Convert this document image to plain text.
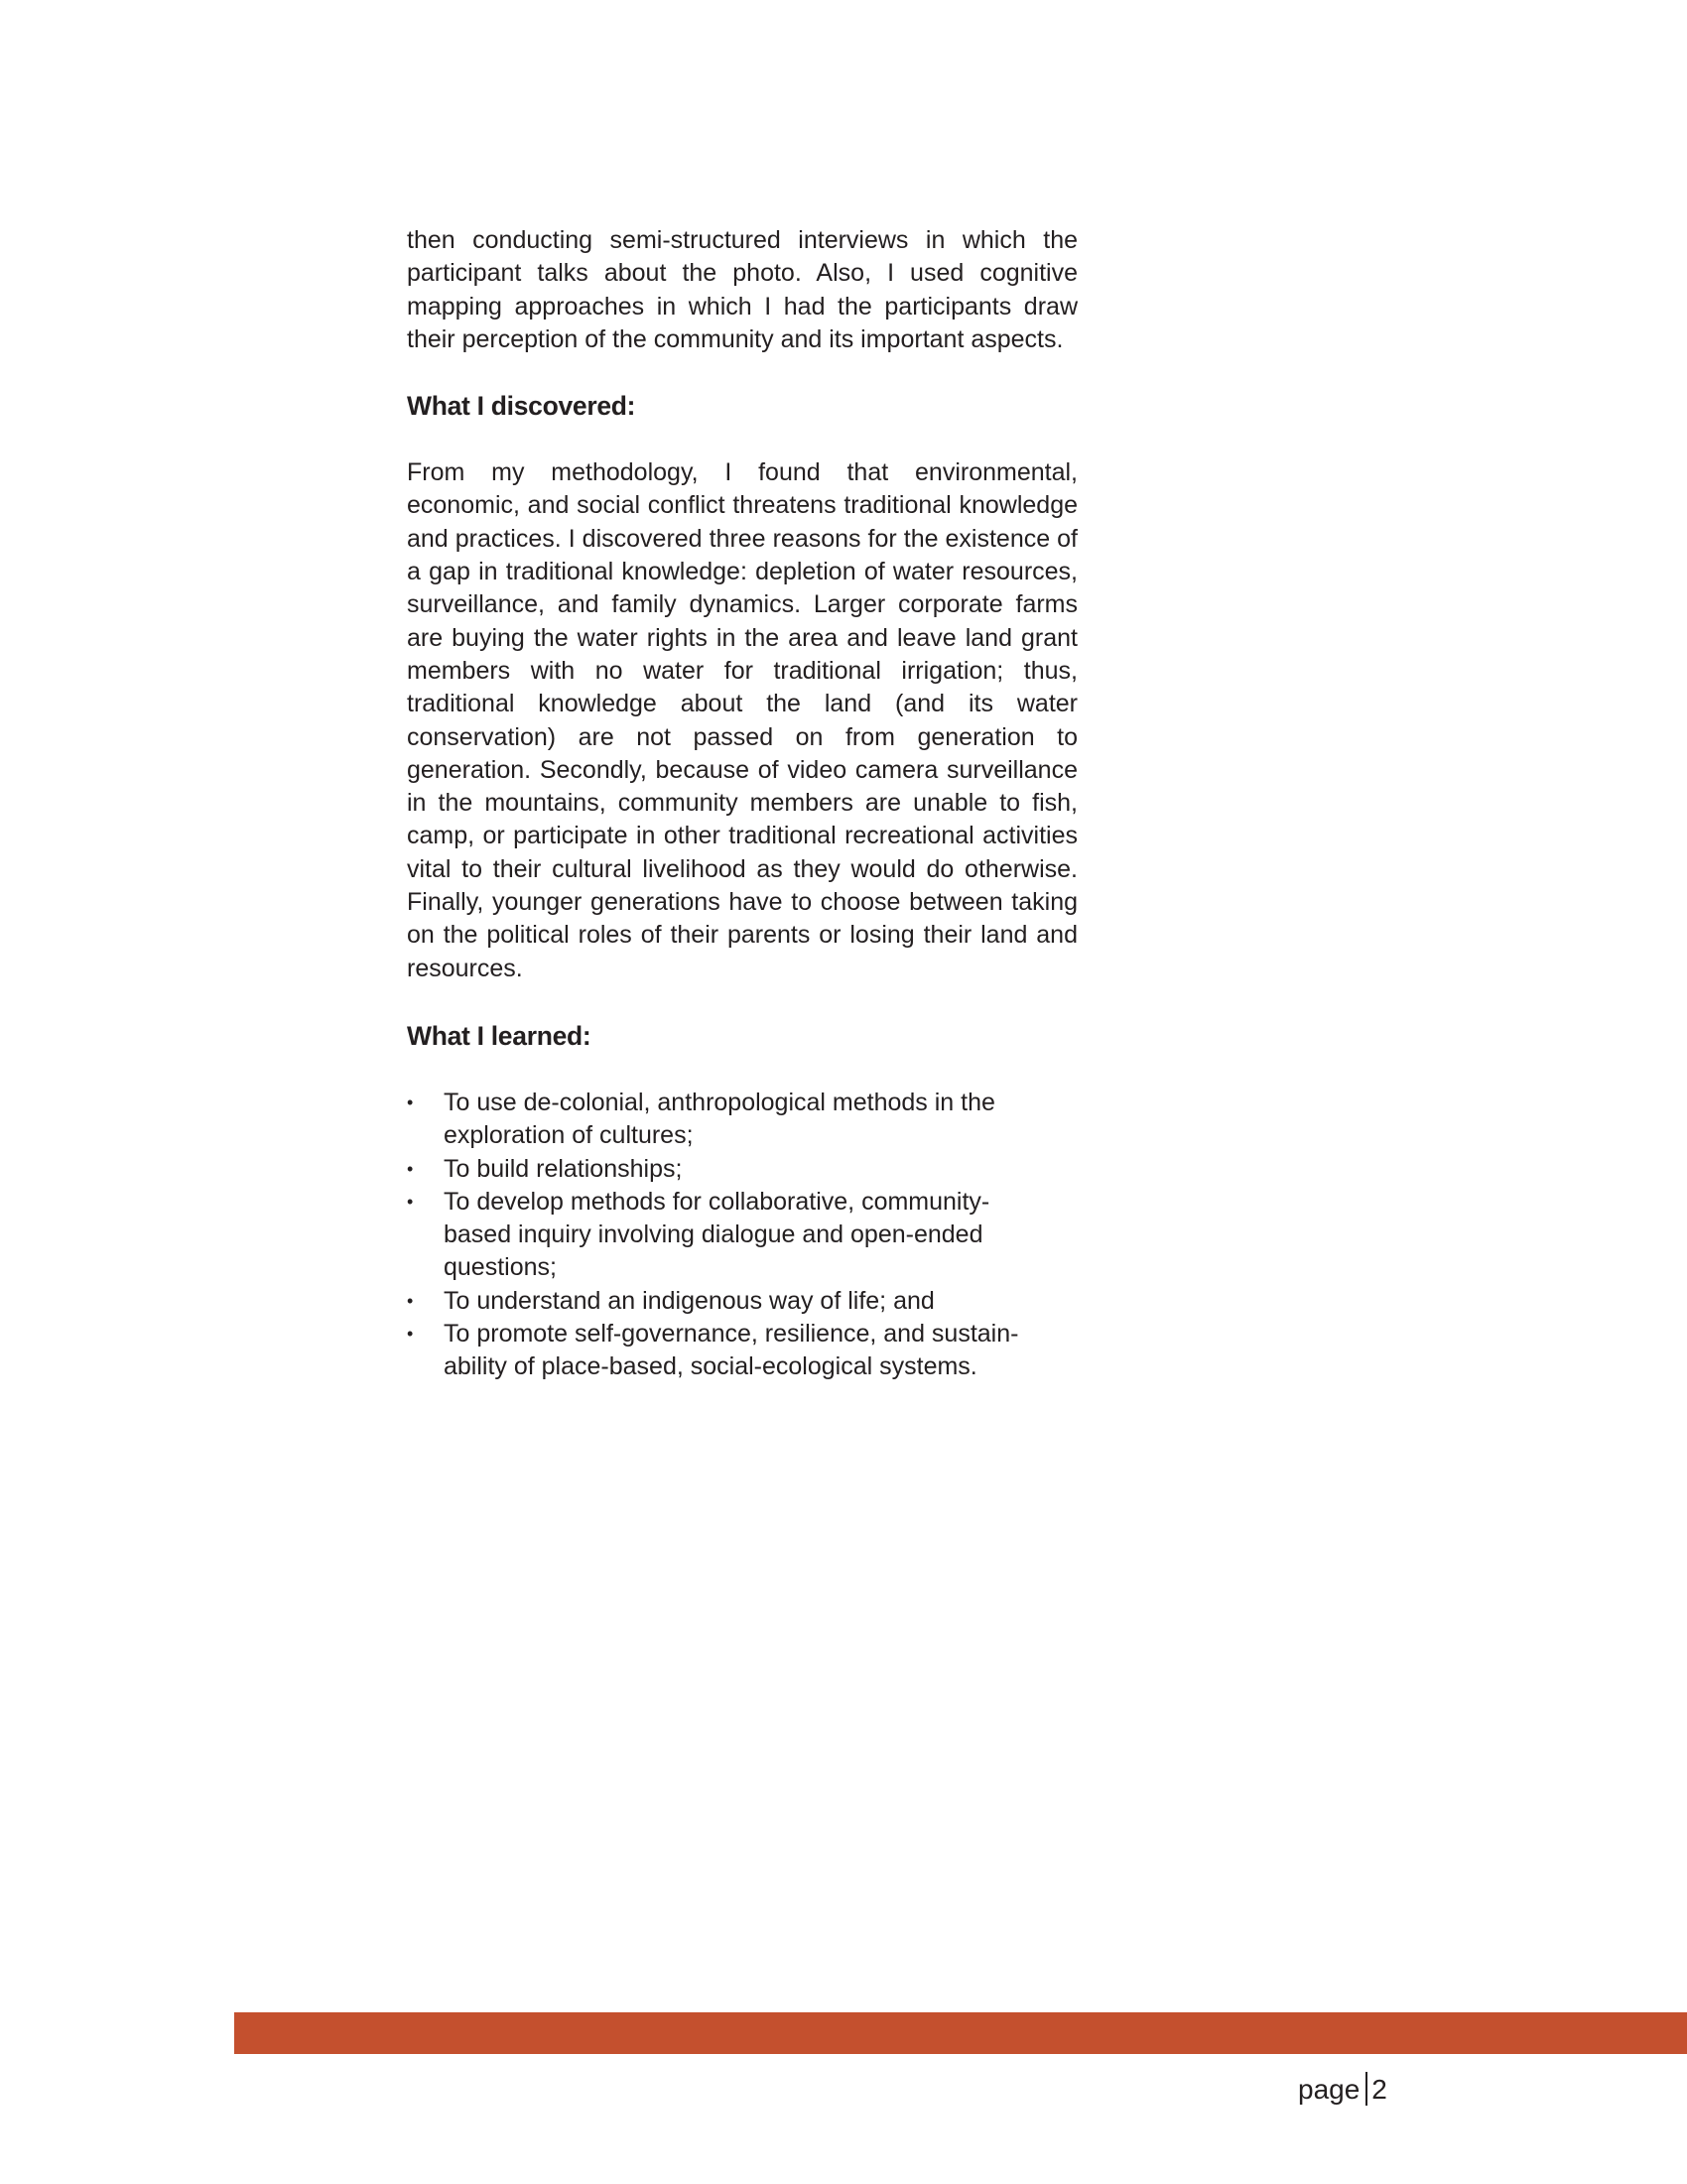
then conducting semi-structured interviews in which the participant talks about the photo. Also, I used cognitive mapping approaches in which I had the participants draw their perception of the community and its important aspects.

What I discovered:

From my methodology, I found that environmental, economic, and social conflict threatens traditional knowledge and practices. I discovered three reasons for the existence of a gap in traditional knowledge: depletion of water resources, surveillance, and family dynamics. Larger corporate farms are buying the water rights in the area and leave land grant members with no water for traditional irrigation; thus, traditional knowledge about the land (and its water conservation) are not passed on from generation to generation. Secondly, because of video camera surveillance in the mountains, community members are unable to fish, camp, or participate in other traditional recreational activities vital to their cultural livelihood as they would do otherwise. Finally, younger generations have to choose between taking on the political roles of their parents or losing their land and resources.

What I learned:
• To use de-colonial, anthropological methods in the exploration of cultures;
• To build relationships;
• To develop methods for collaborative, community-based inquiry involving dialogue and open-ended questions;
• To understand an indigenous way of life; and
• To promote self-governance, resilience, and sustainability of place-based, social-ecological systems.
page 2
